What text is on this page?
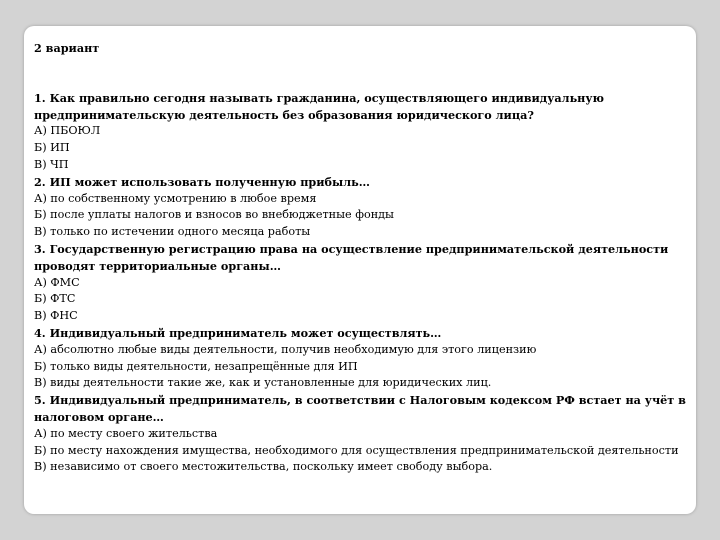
2 вариант
1. Как правильно сегодня называть гражданина, осуществляющего индивидуальную предпринимательскую деятельность без образования юридического лица?
А) ПБОЮЛ
Б) ИП
В) ЧП
2. ИП может использовать полученную прибыль…
А) по собственному усмотрению в любое время
Б) после уплаты налогов и взносов во внебюджетные фонды
В) только по истечении одного месяца работы
3. Государственную регистрацию права на осуществление предпринимательской деятельности проводят территориальные органы…
А) ФМС
Б) ФТС
В) ФНС
4. Индивидуальный предприниматель может осуществлять…
А) абсолютно любые виды деятельности, получив необходимую для этого лицензию
Б) только виды деятельности, незапрещённые для ИП
В) виды деятельности такие же, как и установленные для юридических лиц.
5. Индивидуальный предприниматель, в соответствии с Налоговым кодексом РФ встает на учёт в налоговом органе…
А) по месту своего жительства
Б) по месту нахождения имущества, необходимого для осуществления предпринимательской деятельности
В) независимо от своего местожительства, поскольку имеет свободу выбора.
